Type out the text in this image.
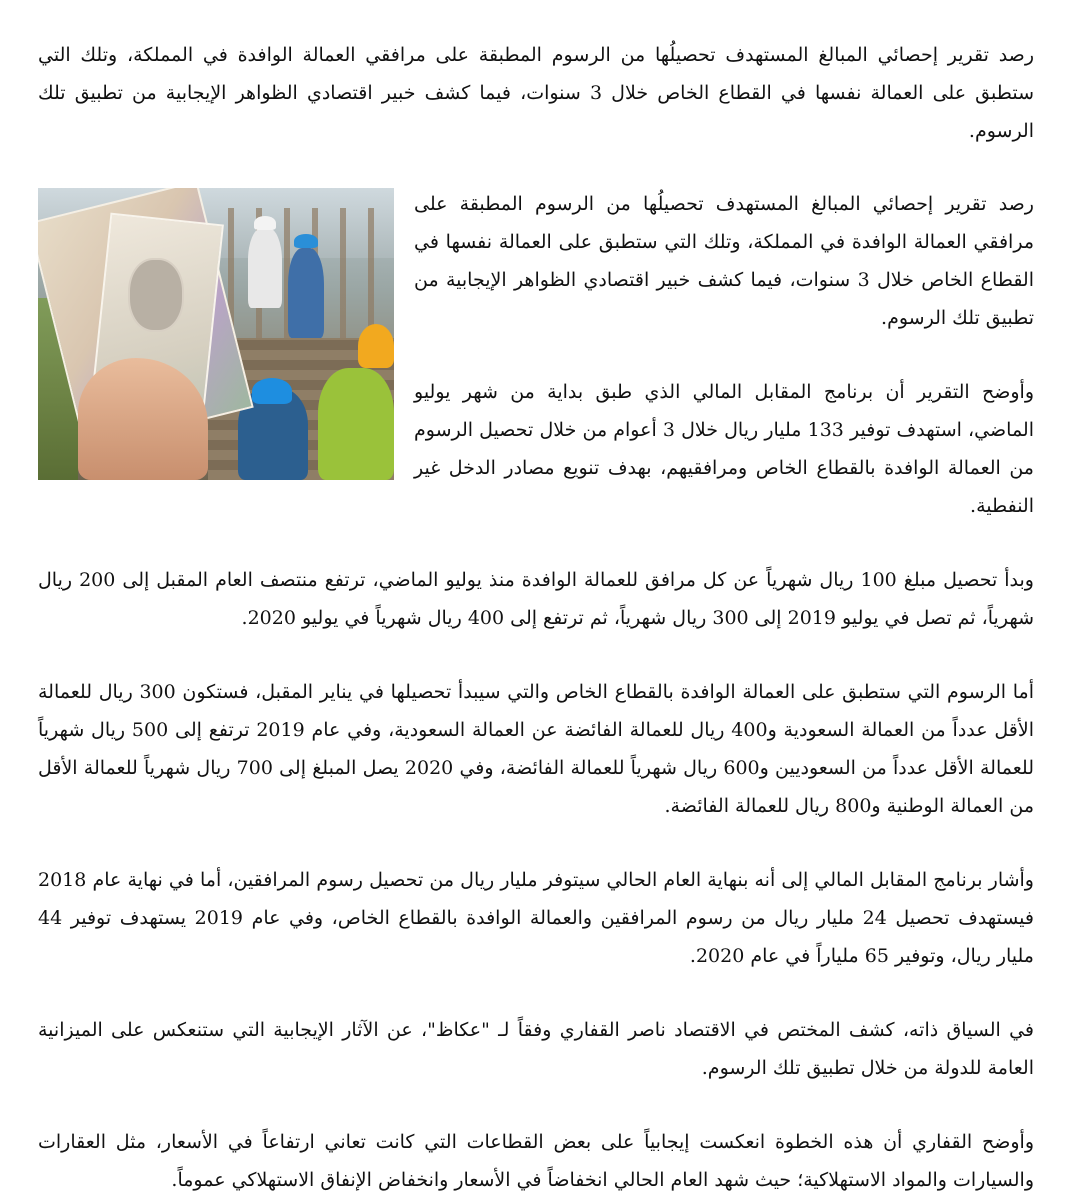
رصد تقرير إحصائي المبالغ المستهدف تحصيلُها من الرسوم المطبقة على مرافقي العمالة الوافدة في المملكة، وتلك التي ستطبق على العمالة نفسها في القطاع الخاص خلال 3 سنوات، فيما كشف خبير اقتصادي الظواهر الإيجابية من تطبيق تلك الرسوم.

رصد تقرير إحصائي المبالغ المستهدف تحصيلُها من الرسوم المطبقة على مرافقي العمالة الوافدة في المملكة، وتلك التي ستطبق على العمالة نفسها في القطاع الخاص خلال 3 سنوات، فيما كشف خبير اقتصادي الظواهر الإيجابية من تطبيق تلك الرسوم.

وأوضح التقرير أن برنامج المقابل المالي الذي طبق بداية من شهر يوليو الماضي، استهدف توفير 133 مليار ريال خلال 3 أعوام من خلال تحصيل الرسوم من العمالة الوافدة بالقطاع الخاص ومرافقيهم، بهدف تنويع مصادر الدخل غير النفطية.

وبدأ تحصيل مبلغ 100 ريال شهرياً عن كل مرافق للعمالة الوافدة منذ يوليو الماضي، ترتفع منتصف العام المقبل إلى 200 ريال شهرياً، ثم تصل في يوليو 2019 إلى 300 ريال شهرياً، ثم ترتفع إلى 400 ريال شهرياً في يوليو 2020.

أما الرسوم التي ستطبق على العمالة الوافدة بالقطاع الخاص والتي سيبدأ تحصيلها في يناير المقبل، فستكون 300 ريال للعمالة الأقل عدداً من العمالة السعودية و400 ريال للعمالة الفائضة عن العمالة السعودية، وفي عام 2019 ترتفع إلى 500 ريال شهرياً للعمالة الأقل عدداً من السعوديين و600 ريال شهرياً للعمالة الفائضة، وفي 2020 يصل المبلغ إلى 700 ريال شهرياً للعمالة الأقل من العمالة الوطنية و800 ريال للعمالة الفائضة.

وأشار برنامج المقابل المالي إلى أنه بنهاية العام الحالي سيتوفر مليار ريال من تحصيل رسوم المرافقين، أما في نهاية عام 2018 فيستهدف تحصيل 24 مليار ريال من رسوم المرافقين والعمالة الوافدة بالقطاع الخاص، وفي عام 2019 يستهدف توفير 44 مليار ريال، وتوفير 65 ملياراً في عام 2020.

في السياق ذاته، كشف المختص في الاقتصاد ناصر القفاري وفقاً لـ "عكاظ"، عن الآثار الإيجابية التي ستنعكس على الميزانية العامة للدولة من خلال تطبيق تلك الرسوم.

وأوضح القفاري أن هذه الخطوة انعكست إيجابياً على بعض القطاعات التي كانت تعاني ارتفاعاً في الأسعار، مثل العقارات والسيارات والمواد الاستهلاكية؛ حيث شهد العام الحالي انخفاضاً في الأسعار وانخفاض الإنفاق الاستهلاكي عموماً.
